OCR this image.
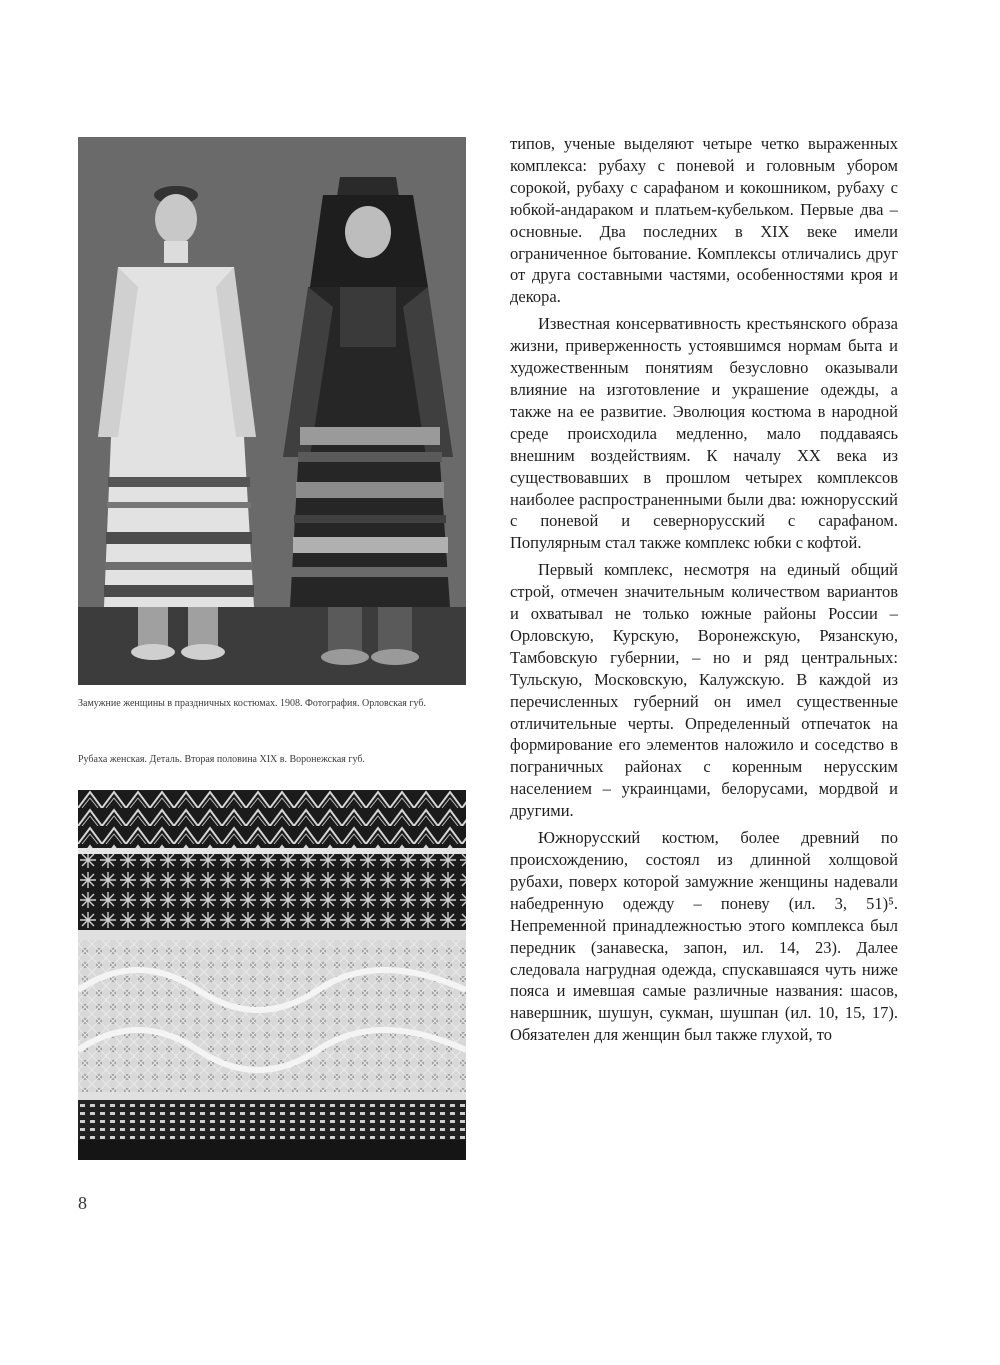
Замужние женщины в праздничных костюмах. 1908. Фотография. Орловская губ.
Рубаха женская. Деталь. Вторая половина XIX в. Воронежская губ.
8

типов, ученые выделяют четыре четко выраженных комплекса: рубаху с поневой и головным убором сорокой, рубаху с сарафаном и кокошником, рубаху с юбкой-андараком и платьем-кубельком. Первые два – основные. Два последних в XIX веке имели ограниченное бытование. Комплексы отличались друг от друга составными частями, особенностями кроя и декора.

Известная консервативность крестьянского образа жизни, приверженность устоявшимся нормам быта и художественным понятиям безусловно оказывали влияние на изготовление и украшение одежды, а также на ее развитие. Эволюция костюма в народной среде происходила медленно, мало поддаваясь внешним воздействиям. К началу XX века из существовавших в прошлом четырех комплексов наиболее распространенными были два: южнорусский с поневой и севернорусский с сарафаном. Популярным стал также комплекс юбки с кофтой.

Первый комплекс, несмотря на единый общий строй, отмечен значительным количеством вариантов и охватывал не только южные районы России – Орловскую, Курскую, Воронежскую, Рязанскую, Тамбовскую губернии, – но и ряд центральных: Тульскую, Московскую, Калужскую. В каждой из перечисленных губерний он имел существенные отличительные черты. Определенный отпечаток на формирование его элементов наложило и соседство в пограничных районах с коренным нерусским населением – украинцами, белорусами, мордвой и другими.

Южнорусский костюм, более древний по происхождению, состоял из длинной холщовой рубахи, поверх которой замужние женщины надевали набедренную одежду – поневу (ил. 3, 51)⁵. Непременной принадлежностью этого комплекса был передник (занавеска, запон, ил. 14, 23). Далее следовала нагрудная одежда, спускавшаяся чуть ниже пояса и имевшая самые различные названия: шасов, навершник, шушун, сукман, шушпан (ил. 10, 15, 17). Обязателен для женщин был также глухой, то
